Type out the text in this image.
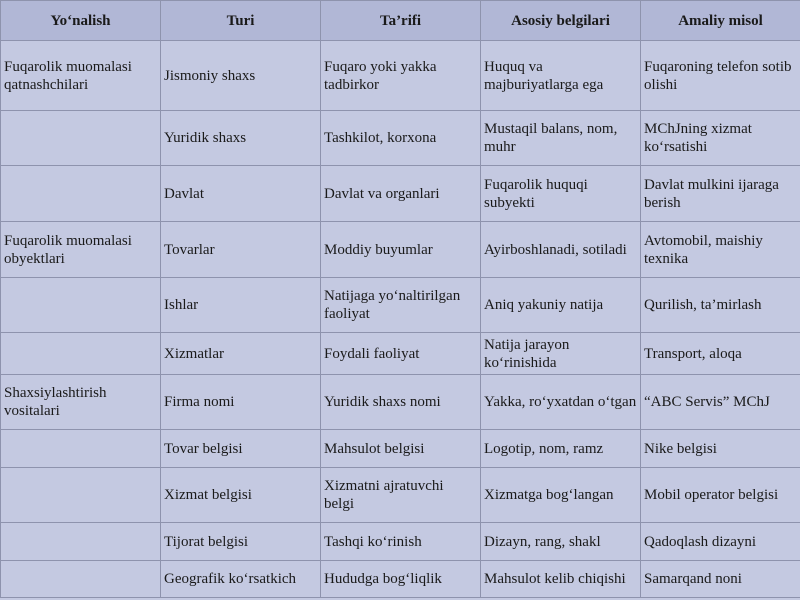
Yo‘nalish	Turi	Ta’rifi	Asosiy belgilari	Amaliy misol
Fuqarolik muomalasi qatnashchilari	Jismoniy shaxs	Fuqaro yoki yakka tadbirkor	Huquq va majburiyatlarga ega	Fuqaroning telefon sotib olishi
	Yuridik shaxs	Tashkilot, korxona	Mustaqil balans, nom, muhr	MChJning xizmat ko‘rsatishi
	Davlat	Davlat va organlari	Fuqarolik huquqi subyekti	Davlat mulkini ijaraga berish
Fuqarolik muomalasi obyektlari	Tovarlar	Moddiy buyumlar	Ayirboshlanadi, sotiladi	Avtomobil, maishiy texnika
	Ishlar	Natijaga yo‘naltirilgan faoliyat	Aniq yakuniy natija	Qurilish, ta’mirlash
	Xizmatlar	Foydali faoliyat	Natija jarayon ko‘rinishida	Transport, aloqa
Shaxsiylashtirish vositalari	Firma nomi	Yuridik shaxs nomi	Yakka, ro‘yxatdan o‘tgan	“ABC Servis” MChJ
	Tovar belgisi	Mahsulot belgisi	Logotip, nom, ramz	Nike belgisi
	Xizmat belgisi	Xizmatni ajratuvchi belgi	Xizmatga bog‘langan	Mobil operator belgisi
	Tijorat belgisi	Tashqi ko‘rinish	Dizayn, rang, shakl	Qadoqlash dizayni
	Geografik ko‘rsatkich	Hududga bog‘liqlik	Mahsulot kelib chiqishi	Samarqand noni
